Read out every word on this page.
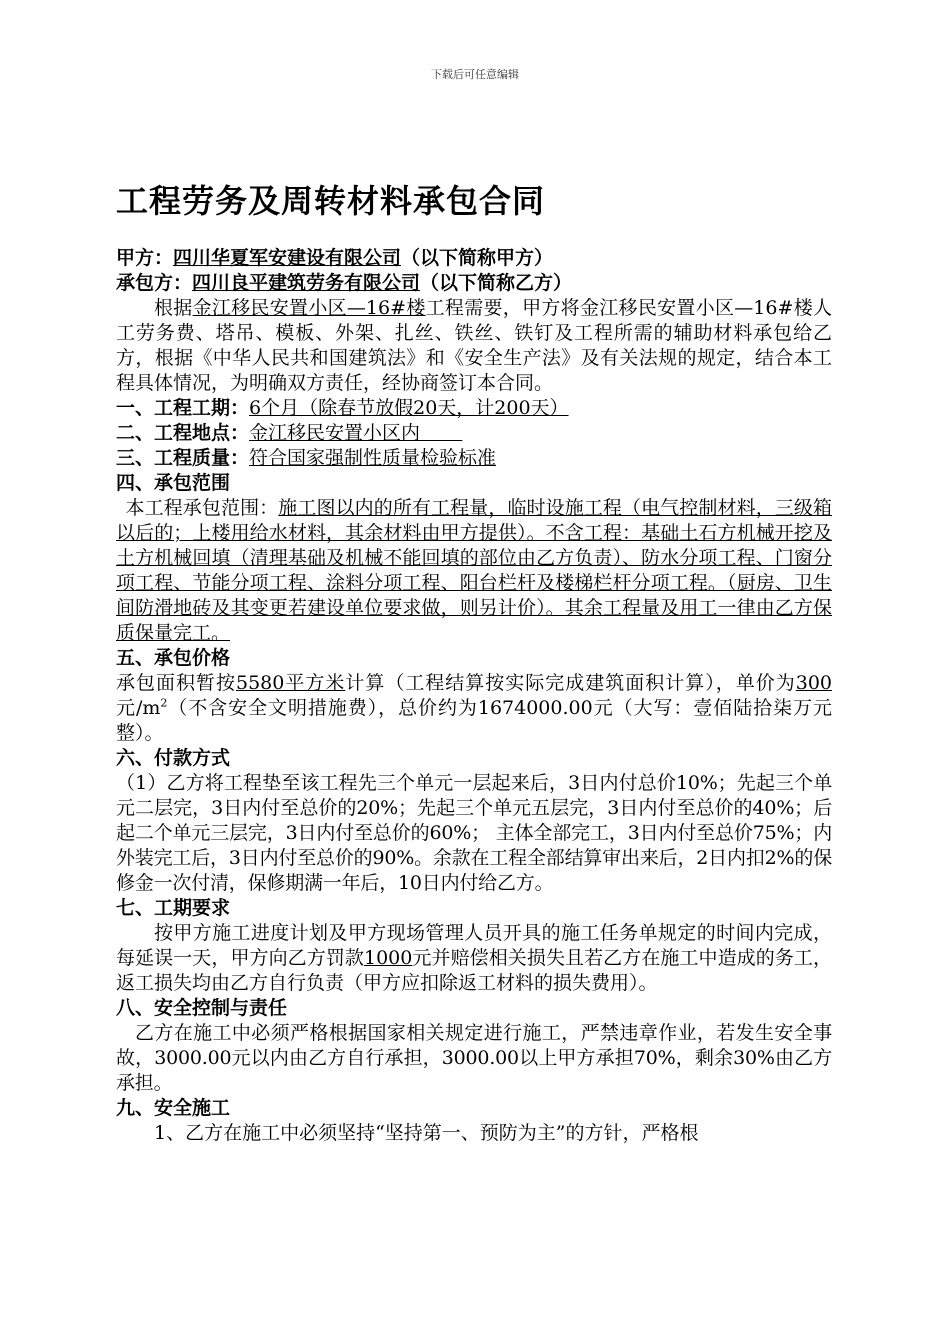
下载后可任意编辑
工程劳务及周转材料承包合同
甲方：四川华夏军安建设有限公司（以下简称甲方）
承包方：四川良平建筑劳务有限公司（以下简称乙方）

根据金江移民安置小区—16#楼工程需要，甲方将金江移民安置小区—16#楼人工劳务费、塔吊、模板、外架、扎丝、铁丝、铁钉及工程所需的辅助材料承包给乙方，根据《中华人民共和国建筑法》和《安全生产法》及有关法规的规定，结合本工程具体情况，为明确双方责任，经协商签订本合同。

一、工程工期：6个月（除春节放假20天，计200天）
二、工程地点：金江移民安置小区内
三、工程质量：符合国家强制性质量检验标准
四、承包范围

本工程承包范围：施工图以内的所有工程量，临时设施工程（电气控制材料，三级箱以后的；上楼用给水材料，其余材料由甲方提供）。不含工程：基础土石方机械开挖及土方机械回填（清理基础及机械不能回填的部位由乙方负责）、防水分项工程、门窗分项工程、节能分项工程、涂料分项工程、阳台栏杆及楼梯栏杆分项工程。（厨房、卫生间防滑地砖及其变更若建设单位要求做，则另计价）。其余工程量及用工一律由乙方保质保量完工。

五、承包价格

承包面积暂按5580平方米计算（工程结算按实际完成建筑面积计算），单价为300元$/m^2$（不含安全文明措施费），总价约为1674000.00元（大写：壹佰陆拾柒万元整）。

六、付款方式

（1）乙方将工程垫至该工程先三个单元一层起来后，3日内付总价10%；先起三个单元二层完，3日内付至总价的20%；先起三个单元五层完，3日内付至总价的40%；后起二个单元三层完，3日内付至总价的60%； 主体全部完工，3日内付至总价75%；内外装完工后，3日内付至总价的90%。余款在工程全部结算审出来后，2日内扣2%的保修金一次付清，保修期满一年后，10日内付给乙方。

七、工期要求

按甲方施工进度计划及甲方现场管理人员开具的施工任务单规定的时间内完成，每延误一天，甲方向乙方罚款1000元并赔偿相关损失且若乙方在施工中造成的务工，返工损失均由乙方自行负责（甲方应扣除返工材料的损失费用）。

八、安全控制与责任

乙方在施工中必须严格根据国家相关规定进行施工，严禁违章作业，若发生安全事故，3000.00元以内由乙方自行承担，3000.00以上甲方承担70%，剩余30%由乙方承担。

九、安全施工

1、乙方在施工中必须坚持“坚持第一、预防为主”的方针，严格根
